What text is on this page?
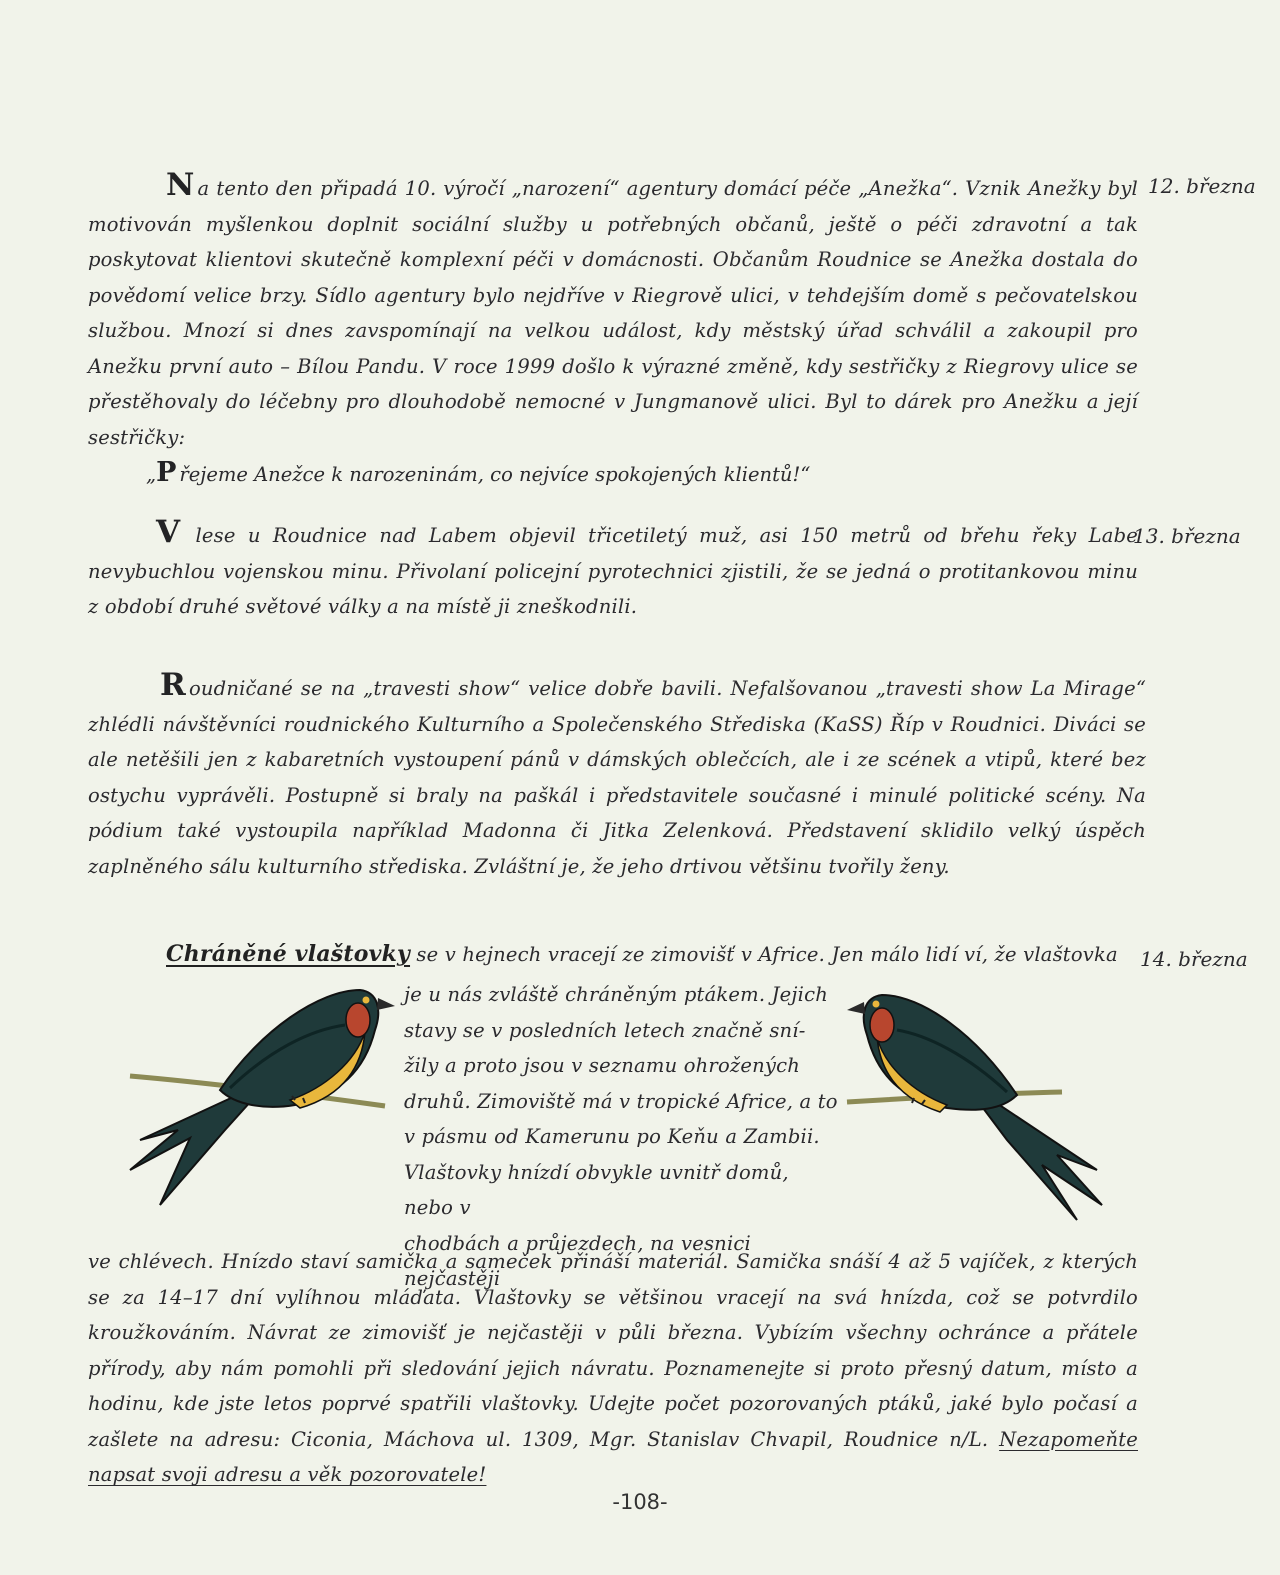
Na tento den připadá 10. výročí „narození“ agentury domácí péče „Anežka“. Vznik Anežky byl motivován myšlenkou doplnit sociální služby u potřebných občanů, ještě o péči zdravotní a tak poskytovat klientovi skutečně komplexní péči v domácnosti. Občanům Roudnice se Anežka dostala do povědomí velice brzy. Sídlo agentury bylo nejdříve v Riegrově ulici, v tehdejším domě s pečovatelskou službou. Mnozí si dnes zavspomínají na velkou událost, kdy městský úřad schválil a zakoupil pro Anežku první auto – Bílou Pandu. V roce 1999 došlo k výrazné změně, kdy sestřičky z Riegrovy ulice se přestěhovaly do léčebny pro dlouhodobě nemocné v Jungmanově ulici. Byl to dárek pro Anežku a její sestřičky:

„P řejeme Anežce k narozeninám, co nejvíce spokojených klientů!“

12. března

V lese u Roudnice nad Labem objevil třicetiletý muž, asi 150 metrů od břehu řeky Labe nevybuchlou vojenskou minu. Přivolaní policejní pyrotechnici zjistili, že se jedná o protitankovou minu z období druhé světové války a na místě ji zneškodnili.

13. března

Roudničané se na „travesti show“ velice dobře bavili. Nefalšovanou „travesti show La Mirage“ zhlédli návštěvníci roudnického Kulturního a Společenského Střediska (KaSS) Říp v Roudnici. Diváci se ale netěšili jen z kabaretních vystoupení pánů v dámských oblečcích, ale i ze scének a vtipů, které bez ostychu vyprávěli. Postupně si braly na paškál i představitele současné i minulé politické scény. Na pódium také vystoupila například Madonna či Jitka Zelenková. Představení sklidilo velký úspěch zaplněného sálu kulturního střediska. Zvláštní je, že jeho drtivou většinu tvořily ženy.

Chráněné vlaštovky se v hejnech vracejí ze zimovišť v Africe. Jen málo lidí ví, že vlaštovka	14. března

je u nás zvláště chráněným ptákem. Jejich

stavy se v posledních letech značně sní-

žily a proto jsou v seznamu ohrožených

druhů. Zimoviště má v tropické Africe, a to

v pásmu od Kamerunu po Keňu a Zambii.

Vlaštovky hnízdí obvykle uvnitř domů, nebo v

chodbách a průjezdech, na vesnici nejčastěji

ve chlévech. Hnízdo staví samička a sameček přináší materiál. Samička snáší 4 až 5 vajíček, z kterých se za 14–17 dní vylíhnou mláďata. Vlaštovky se většinou vracejí na svá hnízda, což se potvrdilo kroužkováním. Návrat ze zimovišť je nejčastěji v půli března. Vybízím všechny ochránce a přátele přírody, aby nám pomohli při sledování jejich návratu. Poznamenejte si proto přesný datum, místo a hodinu, kde jste letos poprvé spatřili vlaštovky. Udejte počet pozorovaných ptáků, jaké bylo počasí a zašlete na adresu: Ciconia, Máchova ul. 1309, Mgr. Stanislav Chvapil, Roudnice n/L. Nezapomeňte napsat svoji adresu a věk pozorovatele!

-108-
